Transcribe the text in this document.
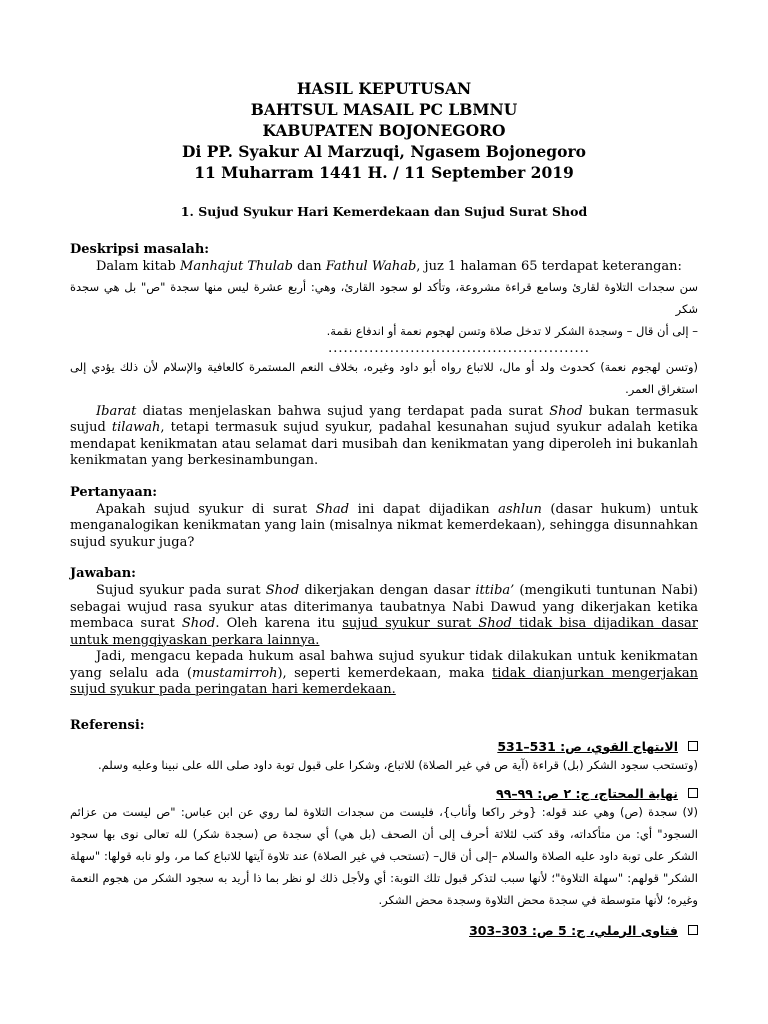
HASIL KEPUTUSAN
BAHTSUL MASAIL PC LBMNU
KABUPATEN BOJONEGORO
Di PP. Syakur Al Marzuqi, Ngasem Bojonegoro
11 Muharram 1441 H. / 11 September 2019
1. Sujud Syukur Hari Kemerdekaan dan Sujud Surat Shod
Deskripsi masalah:

Dalam kitab Manhajut Thulab dan Fathul Wahab, juz 1 halaman 65 terdapat keterangan:

سن سجدات التلاوة لقارئ وسامع قراءة مشروعة، وتأكد لو سجود القارئ، وهي: أربع عشرة ليس منها سجدة "ص" بل هي سجدة شكر
– إلى أن قال – وسجدة الشكر لا تدخل صلاة وتسن لهجوم نعمة أو اندفاع نقمة.
...................................................
(وتسن لهجوم نعمة) كحدوث ولد أو مال، للاتباع رواه أبو داود وغيره، بخلاف النعم المستمرة كالعافية والإسلام لأن ذلك يؤدي إلى استغراق العمر.

Ibarat diatas menjelaskan bahwa sujud yang terdapat pada surat Shod bukan termasuk sujud tilawah, tetapi termasuk sujud syukur, padahal kesunahan sujud syukur adalah ketika mendapat kenikmatan atau selamat dari musibah dan kenikmatan yang diperoleh ini bukanlah kenikmatan yang berkesinambungan.

Pertanyaan:

Apakah sujud syukur di surat Shad ini dapat dijadikan ashlun (dasar hukum) untuk menganalogikan kenikmatan yang lain (misalnya nikmat kemerdekaan), sehingga disunnahkan sujud syukur juga?

Jawaban:

Sujud syukur pada surat Shod dikerjakan dengan dasar ittiba’ (mengikuti tuntunan Nabi) sebagai wujud rasa syukur atas diterimanya taubatnya Nabi Dawud yang dikerjakan ketika membaca surat Shod. Oleh karena itu sujud syukur surat Shod tidak bisa dijadikan dasar untuk mengqiyaskan perkara lainnya.

Jadi, mengacu kepada hukum asal bahwa sujud syukur tidak dilakukan untuk kenikmatan yang selalu ada (mustamirroh), seperti kemerdekaan, maka tidak dianjurkan mengerjakan sujud syukur pada peringatan hari kemerdekaan.

Referensi:
الابتهاج القوي، ص: 531–531
(وتستحب سجود الشكر (بل) قراءة (آية ص في غير الصلاة) للاتباع، وشكرا على قبول توبة داود صلى الله على نبينا وعليه وسلم.
نهاية المحتاج، ج: ٢ ص: ٩٩–٩٩
(لا) سجدة (ص) وهي عند قوله: {وخر راكعا وأناب}، فليست من سجدات التلاوة لما روي عن ابن عباس: "ص ليست من عزائم السجود" أي: من متأكداته، وقد كتب لثلاثة أحرف إلى أن الصحف (بل هي) أي سجدة ص (سجدة شكر) لله تعالى نوى بها سجود الشكر على توبة داود عليه الصلاة والسلام –إلى أن قال– (تستحب في غير الصلاة) عند تلاوة آيتها للاتباع كما مر، ولو نابه قولها: "سهلة الشكر" قولهم: "سهلة التلاوة"؛ لأنها سبب لتذكر قبول تلك التوبة: أي ولأجل ذلك لو نظر بما ذا أريد به سجود الشكر من هجوم النعمة وغيره؛ لأنها متوسطة في سجدة محض التلاوة وسجدة محض الشكر.
فتاوى الرملي، ج: 5 ص: 303–303
